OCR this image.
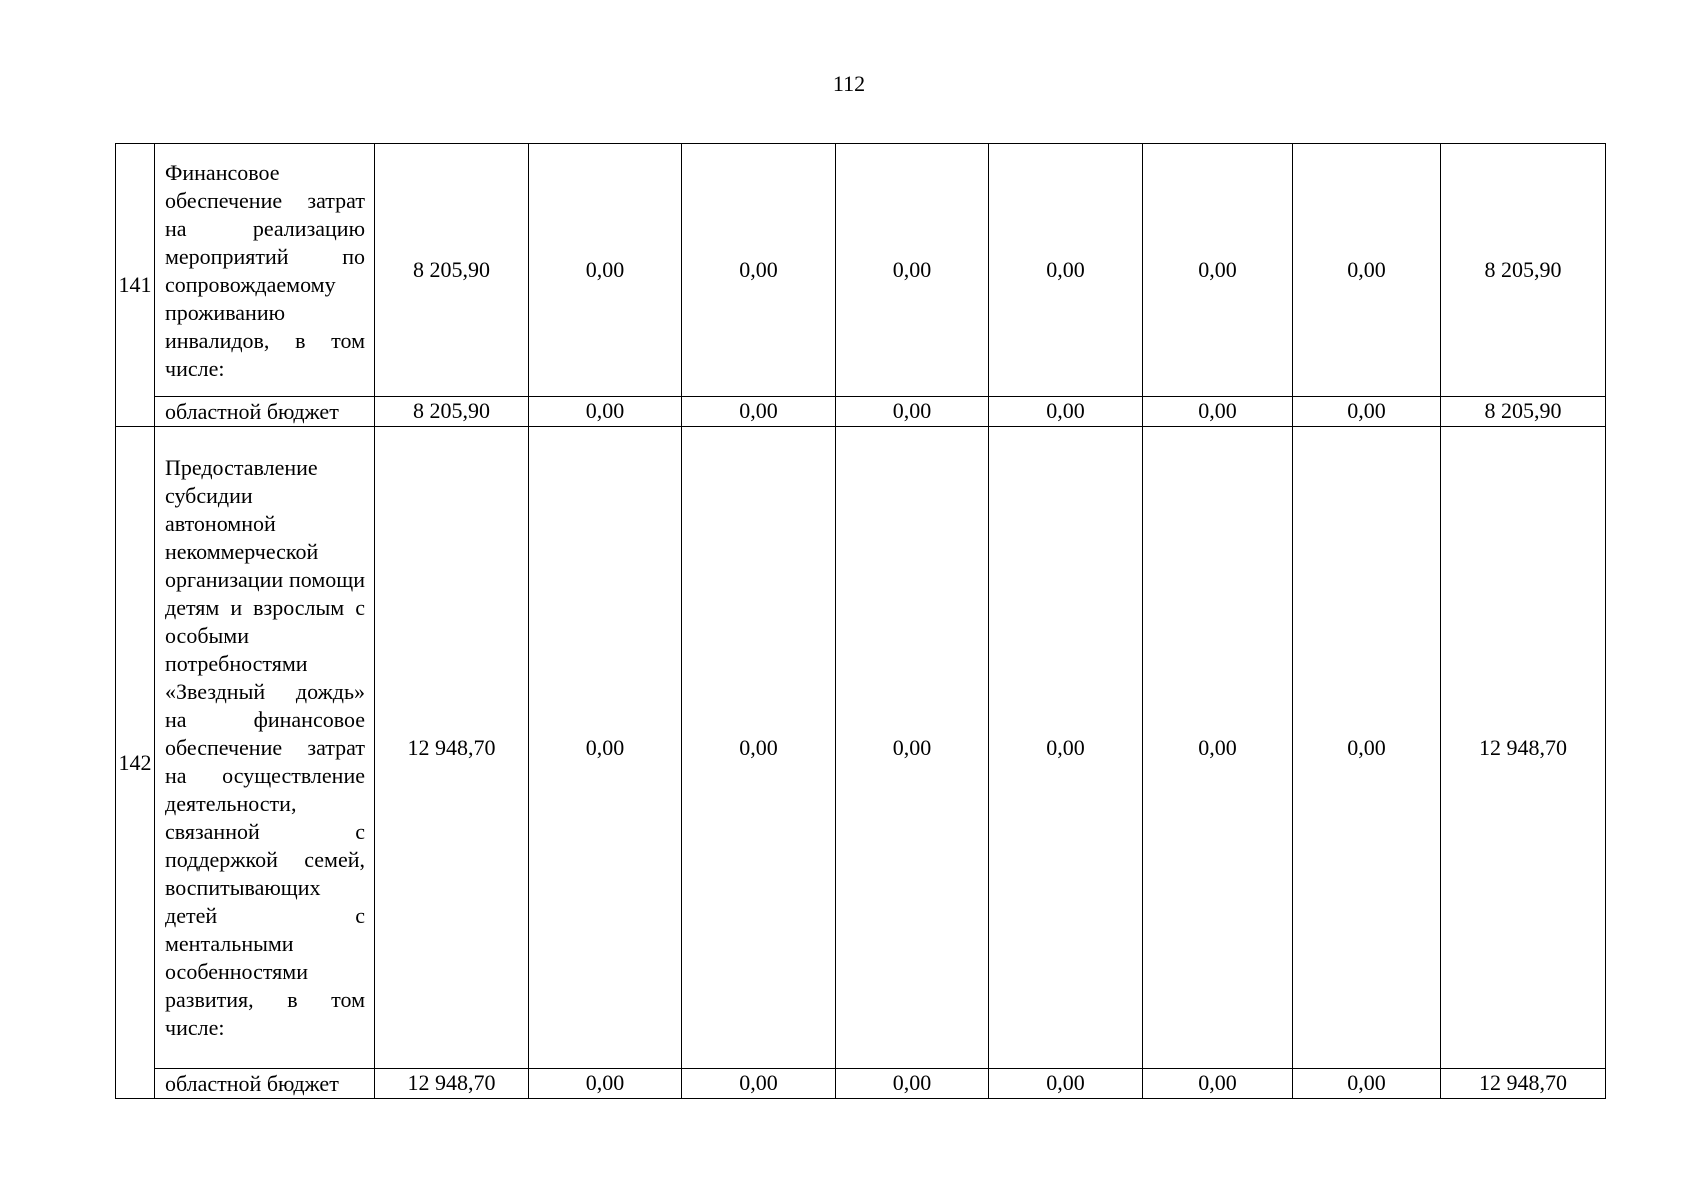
112
141	Финансовое обеспечение затрат на реализацию мероприятий по сопровождаемому проживанию инвалидов, в том числе:	8 205,90	0,00	0,00	0,00	0,00	0,00	0,00	8 205,90
	областной бюджет	8 205,90	0,00	0,00	0,00	0,00	0,00	0,00	8 205,90
142	Предоставление субсидии автономной некоммерческой организации помощи детям и взрослым с особыми потребностями «Звездный дождь» на финансовое обеспечение затрат на осуществление деятельности, связанной с поддержкой семей, воспитывающих детей с ментальными особенностями развития, в том числе:	12 948,70	0,00	0,00	0,00	0,00	0,00	0,00	12 948,70
	областной бюджет	12 948,70	0,00	0,00	0,00	0,00	0,00	0,00	12 948,70
